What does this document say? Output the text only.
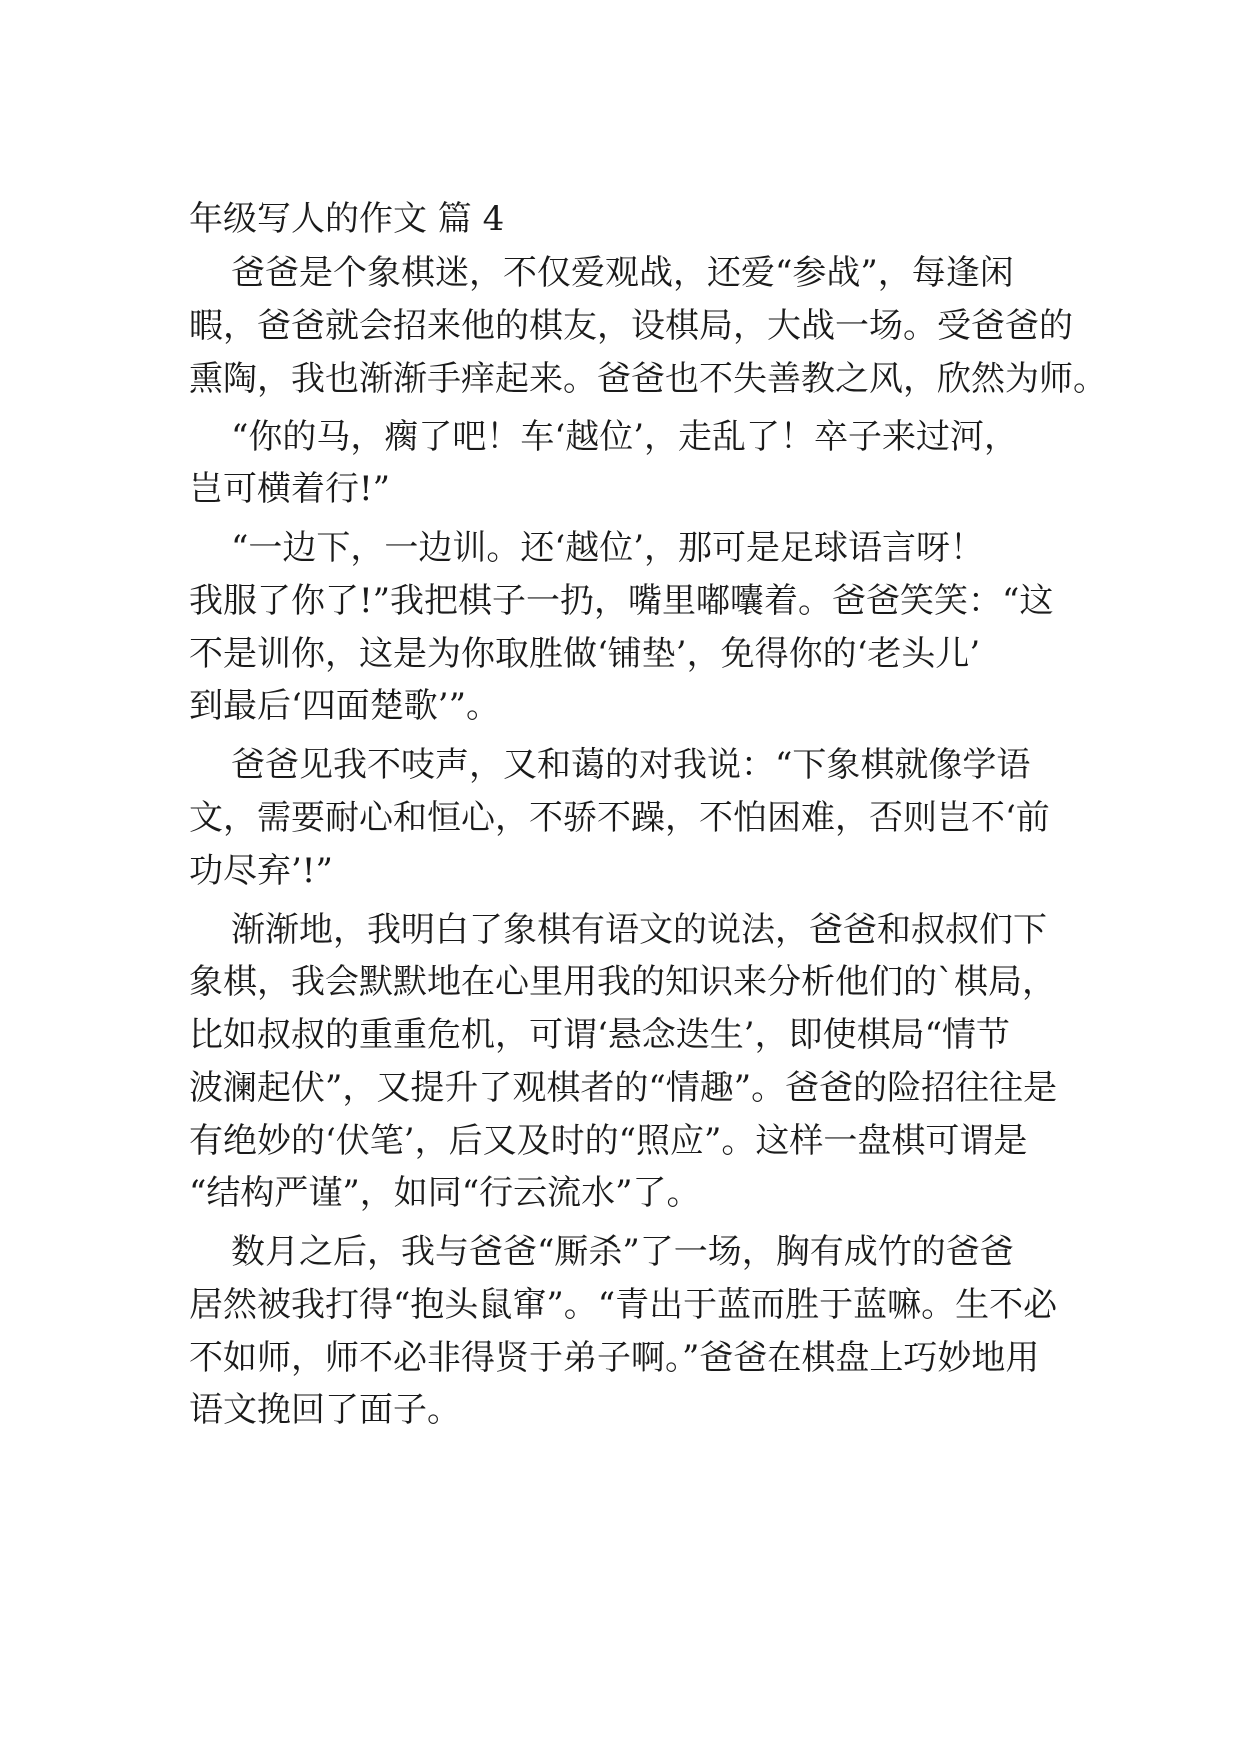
年级写人的作文 篇 4
爸爸是个象棋迷，不仅爱观战，还爱“参战”，每逢闲
暇，爸爸就会招来他的棋友，设棋局，大战一场。受爸爸的
熏陶，我也渐渐手痒起来。爸爸也不失善教之风，欣然为师。
“你的马，瘸了吧！车‘越位’，走乱了！卒子来过河，
岂可横着行!”
“一边下，一边训。还‘越位’，那可是足球语言呀！
我服了你了!”我把棋子一扔，嘴里嘟囔着。爸爸笑笑：“这
不是训你，这是为你取胜做‘铺垫’，免得你的‘老头儿’
到最后‘四面楚歌’”。
爸爸见我不吱声，又和蔼的对我说：“下象棋就像学语
文，需要耐心和恒心，不骄不躁，不怕困难，否则岂不‘前
功尽弃’!”
渐渐地，我明白了象棋有语文的说法，爸爸和叔叔们下
象棋，我会默默地在心里用我的知识来分析他们的`棋局，
比如叔叔的重重危机，可谓‘悬念迭生’，即使棋局“情节
波澜起伏”，又提升了观棋者的“情趣”。爸爸的险招往往是
有绝妙的‘伏笔’，后又及时的“照应”。这样一盘棋可谓是
“结构严谨”，如同“行云流水”了。
数月之后，我与爸爸“厮杀”了一场，胸有成竹的爸爸
居然被我打得“抱头鼠窜”。“青出于蓝而胜于蓝嘛。生不必
不如师，师不必非得贤于弟子啊。”爸爸在棋盘上巧妙地用
语文挽回了面子。
